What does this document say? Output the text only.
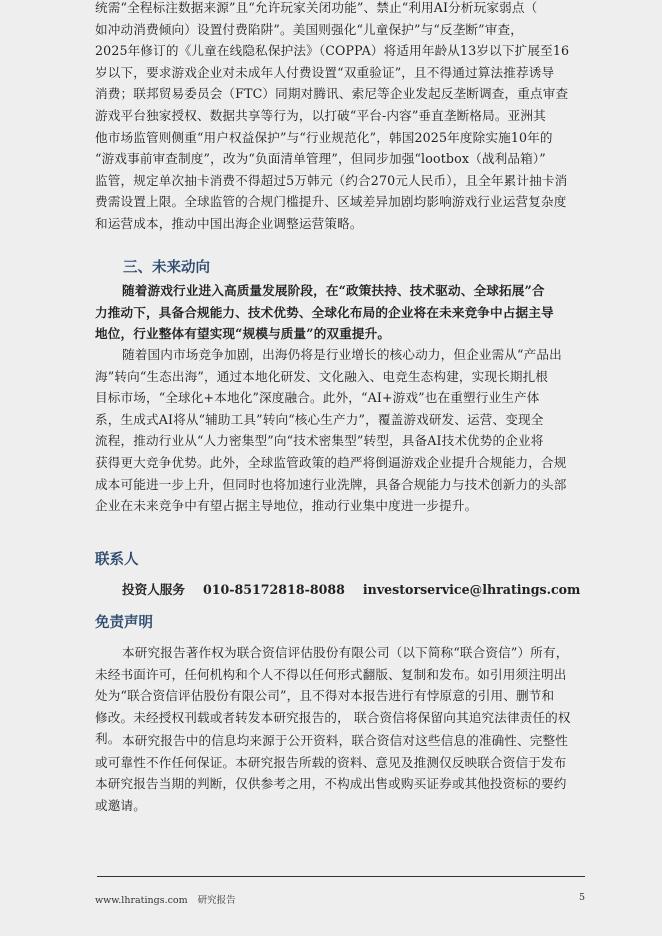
统需“全程标注数据来源”且“允许玩家关闭功能”、禁止“利用AI分析玩家弱点（

如冲动消费倾向）设置付费陷阱”。美国则强化“儿童保护”与“反垄断”审查，

2025年修订的《儿童在线隐私保护法》（COPPA）将适用年龄从13岁以下扩展至16

岁以下，要求游戏企业对未成年人付费设置“双重验证”，且不得通过算法推荐诱导

消费；联邦贸易委员会（FTC）同期对腾讯、索尼等企业发起反垄断调查，重点审查

游戏平台独家授权、数据共享等行为，以打破“平台-内容”垂直垄断格局。亚洲其

他市场监管则侧重“用户权益保护”与“行业规范化”，韩国2025年度除实施10年的

“游戏事前审查制度”，改为“负面清单管理”，但同步加强“lootbox（战利品箱）”

监管，规定单次抽卡消费不得超过5万韩元（约合270元人民币），且全年累计抽卡消

费需设置上限。全球监管的合规门槛提升、区域差异加剧均影响游戏行业运营复杂度

和运营成本，推动中国出海企业调整运营策略。

三、未来动向

随着游戏行业进入高质量发展阶段，在“政策扶持、技术驱动、全球拓展”合

力推动下，具备合规能力、技术优势、全球化布局的企业将在未来竞争中占据主导

地位，行业整体有望实现“规模与质量”的双重提升。

随着国内市场竞争加剧，出海仍将是行业增长的核心动力，但企业需从“产品出

海”转向“生态出海”，通过本地化研发、文化融入、电竞生态构建，实现长期扎根

目标市场，“全球化+本地化”深度融合。此外，“AI+游戏”也在重塑行业生产体

系，生成式AI将从“辅助工具”转向“核心生产力”，覆盖游戏研发、运营、变现全

流程，推动行业从“人力密集型”向“技术密集型”转型，具备AI技术优势的企业将

获得更大竞争优势。此外，全球监管政策的趋严将倒逼游戏企业提升合规能力，合规

成本可能进一步上升，但同时也将加速行业洗牌，具备合规能力与技术创新力的头部

企业在未来竞争中有望占据主导地位，推动行业集中度进一步提升。

联系人
投资人服务 010-85172818-8088 investorservice@lhratings.com
免责声明

本研究报告著作权为联合资信评估股份有限公司（以下简称“联合资信”）所有，

未经书面许可，任何机构和个人不得以任何形式翻版、复制和发布。如引用须注明出

处为“联合资信评估股份有限公司”，且不得对本报告进行有悖原意的引用、删节和

修改。未经授权刊载或者转发本研究报告的， 联合资信将保留向其追究法律责任的权

利。 本研究报告中的信息均来源于公开资料，联合资信对这些信息的准确性、完整性

或可靠性不作任何保证。本研究报告所载的资料、意见及推测仅反映联合资信于发布

本研究报告当期的判断，仅供参考之用，不构成出售或购买证券或其他投资标的要约

或邀请。

www.lhratings.com 研究报告	5
